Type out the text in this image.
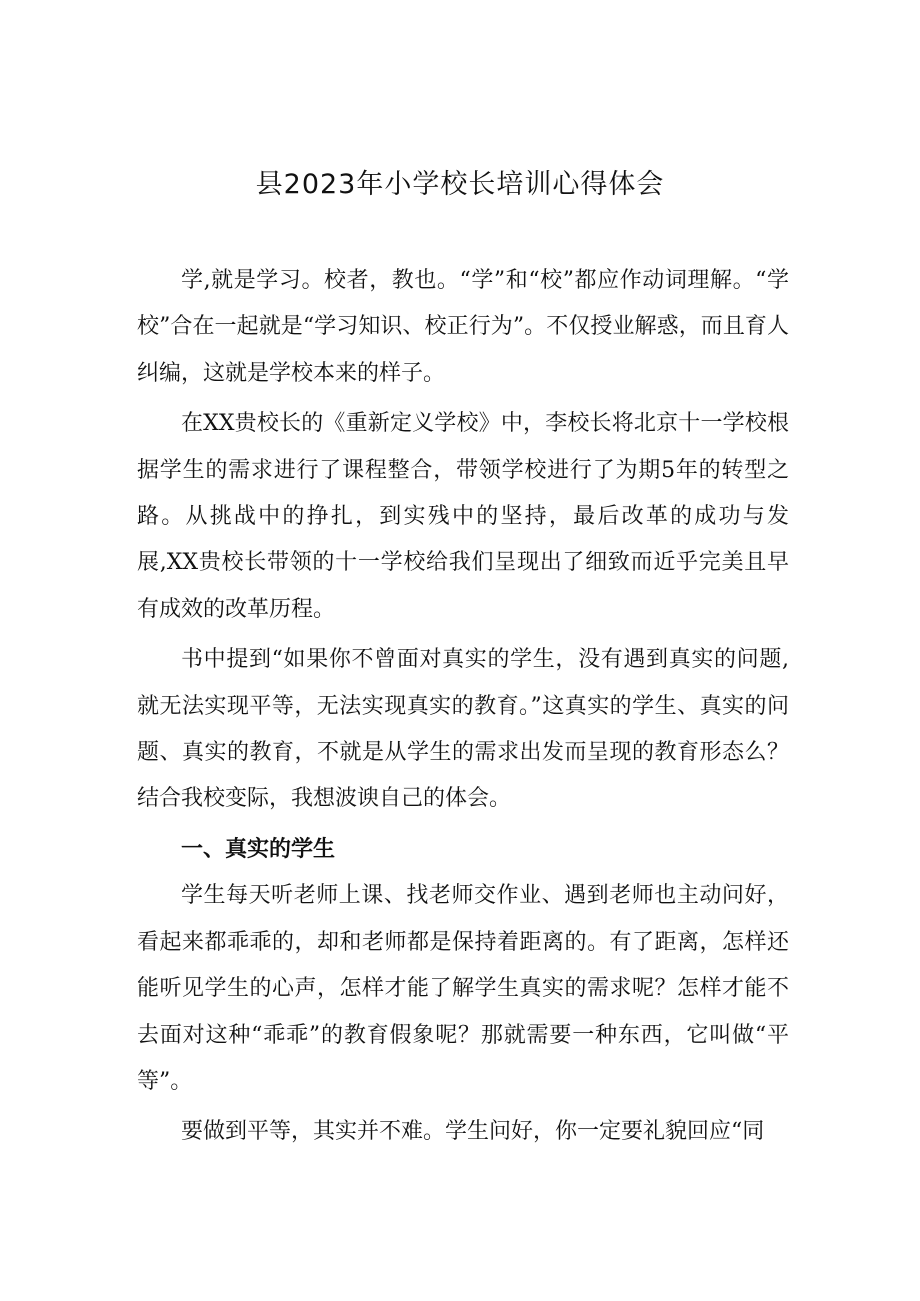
县2023年小学校长培训心得体会

学,就是学习。校者，教也。“学”和“校”都应作动词理解。“学校”合在一起就是“学习知识、校正行为”。不仅授业解惑，而且育人纠编，这就是学校本来的样子。

在XX贵校长的《重新定义学校》中，李校长将北京十一学校根据学生的需求进行了课程整合，带领学校进行了为期5年的转型之路。从挑战中的挣扎，到实残中的坚持，最后改革的成功与发展,XX贵校长带领的十一学校给我们呈现出了细致而近乎完美且早有成效的改革历程。

书中提到“如果你不曾面对真实的学生，没有遇到真实的问题,就无法实现平等，无法实现真实的教育。”这真实的学生、真实的问题、真实的教育，不就是从学生的需求出发而呈现的教育形态么？结合我校变际，我想波谀自己的体会。

一、真实的学生

学生每天听老师上课、找老师交作业、遇到老师也主动问好，看起来都乖乖的，却和老师都是保持着距离的。有了距离，怎样还能听见学生的心声，怎样才能了解学生真实的需求呢？怎样才能不去面对这种“乖乖”的教育假象呢？那就需要一种东西，它叫做“平等”。

要做到平等，其实并不难。学生问好，你一定要礼貌回应“同
